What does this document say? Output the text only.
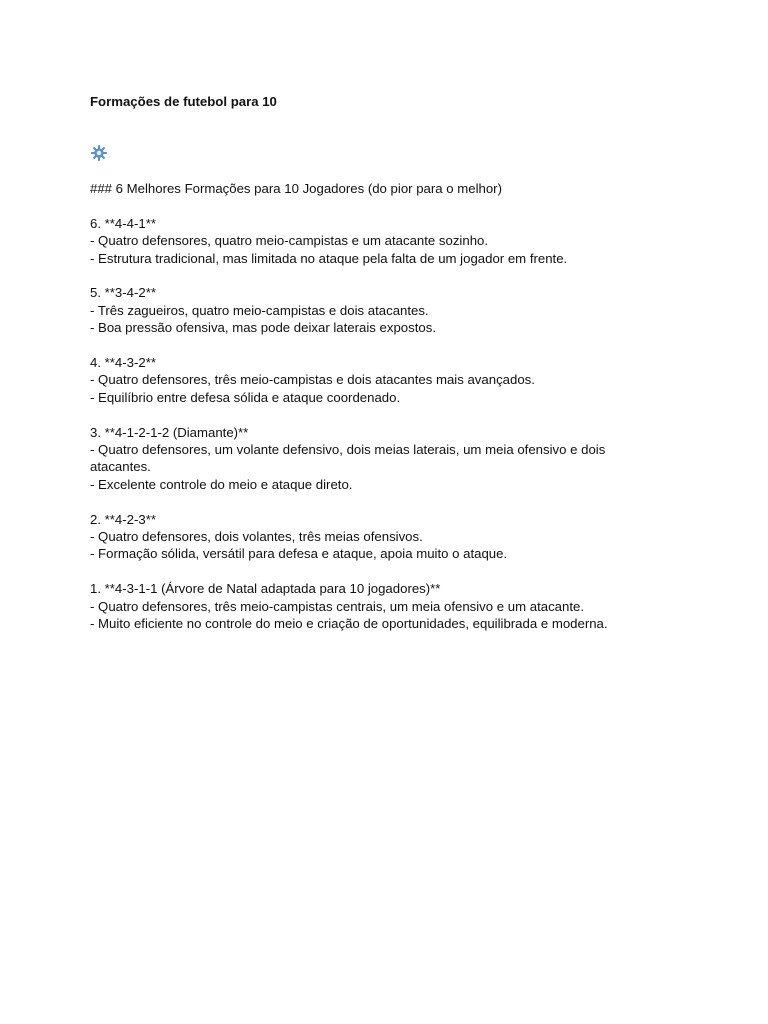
Formações de futebol para 10
### 6 Melhores Formações para 10 Jogadores (do pior para o melhor)
6. **4-4-1**
- Quatro defensores, quatro meio-campistas e um atacante sozinho.
- Estrutura tradicional, mas limitada no ataque pela falta de um jogador em frente.
5. **3-4-2**
- Três zagueiros, quatro meio-campistas e dois atacantes.
- Boa pressão ofensiva, mas pode deixar laterais expostos.
4. **4-3-2**
- Quatro defensores, três meio-campistas e dois atacantes mais avançados.
- Equilíbrio entre defesa sólida e ataque coordenado.
3. **4-1-2-1-2 (Diamante)**
- Quatro defensores, um volante defensivo, dois meias laterais, um meia ofensivo e dois atacantes.
- Excelente controle do meio e ataque direto.
2. **4-2-3**
- Quatro defensores, dois volantes, três meias ofensivos.
- Formação sólida, versátil para defesa e ataque, apoia muito o ataque.
1. **4-3-1-1 (Árvore de Natal adaptada para 10 jogadores)**
- Quatro defensores, três meio-campistas centrais, um meia ofensivo e um atacante.
- Muito eficiente no controle do meio e criação de oportunidades, equilibrada e moderna.
